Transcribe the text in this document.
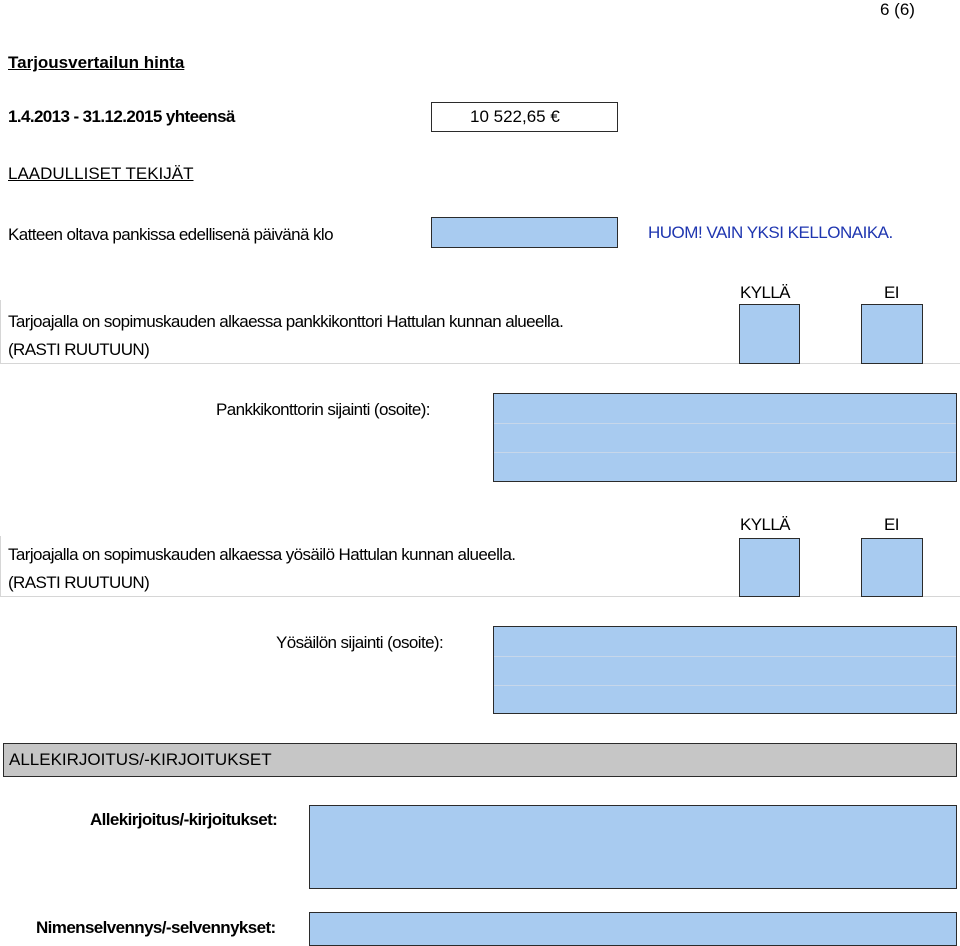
6 (6)
Tarjousvertailun hinta
1.4.2013 - 31.12.2015 yhteensä	10 522,65 €
LAADULLISET TEKIJÄT
Katteen oltava pankissa edellisenä päivänä klo	HUOM! VAIN YKSI KELLONAIKA.
KYLLÄ	EI
Tarjoajalla on sopimuskauden alkaessa pankkikonttori Hattulan kunnan alueella.
(RASTI RUUTUUN)
Pankkikonttorin sijainti (osoite):
KYLLÄ	EI
Tarjoajalla on sopimuskauden alkaessa yösäilö Hattulan kunnan alueella.
(RASTI RUUTUUN)
Yösäilön sijainti (osoite):
ALLEKIRJOITUS/-KIRJOITUKSET
Allekirjoitus/-kirjoitukset:
Nimenselvennys/-selvennykset:
